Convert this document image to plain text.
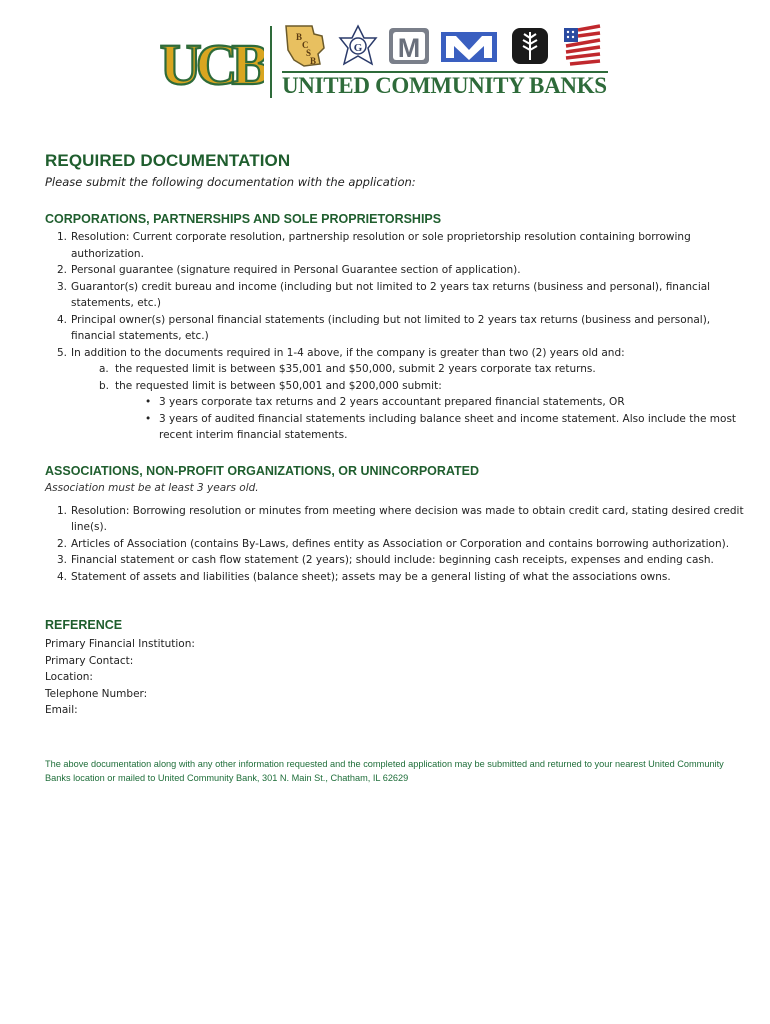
UCB	B
C
S
B
G M
UNITED COMMUNITY BANKS
REQUIRED DOCUMENTATION

Please submit the following documentation with the application:

CORPORATIONS, PARTNERSHIPS AND SOLE PROPRIETORSHIPS
1. Resolution: Current corporate resolution, partnership resolution or sole proprietorship resolution containing borrowing authorization.
2. Personal guarantee (signature required in Personal Guarantee section of application).
3. Guarantor(s) credit bureau and income (including but not limited to 2 years tax returns (business and personal), financial statements, etc.)
4. Principal owner(s) personal financial statements (including but not limited to 2 years tax returns (business and personal), financial statements, etc.)
5. In addition to the documents required in 1-4 above, if the company is greater than two (2) years old and:
a. the requested limit is between $35,001 and $50,000, submit 2 years corporate tax returns.
b. the requested limit is between $50,001 and $200,000 submit:
• 3 years corporate tax returns and 2 years accountant prepared financial statements, OR
• 3 years of audited financial statements including balance sheet and income statement. Also include the most recent interim financial statements.
ASSOCIATIONS, NON-PROFIT ORGANIZATIONS, OR UNINCORPORATED

Association must be at least 3 years old.

1. Resolution: Borrowing resolution or minutes from meeting where decision was made to obtain credit card, stating desired credit line(s).
2. Articles of Association (contains By-Laws, defines entity as Association or Corporation and contains borrowing authorization).
3. Financial statement or cash flow statement (2 years); should include: beginning cash receipts, expenses and ending cash.
4. Statement of assets and liabilities (balance sheet); assets may be a general listing of what the associations owns.
REFERENCE
Primary Financial Institution:
Primary Contact:
Location:
Telephone Number:
Email:
The above documentation along with any other information requested and the completed application may be submitted and returned to your nearest United Community Banks location or mailed to United Community Bank, 301 N. Main St., Chatham, IL 62629
